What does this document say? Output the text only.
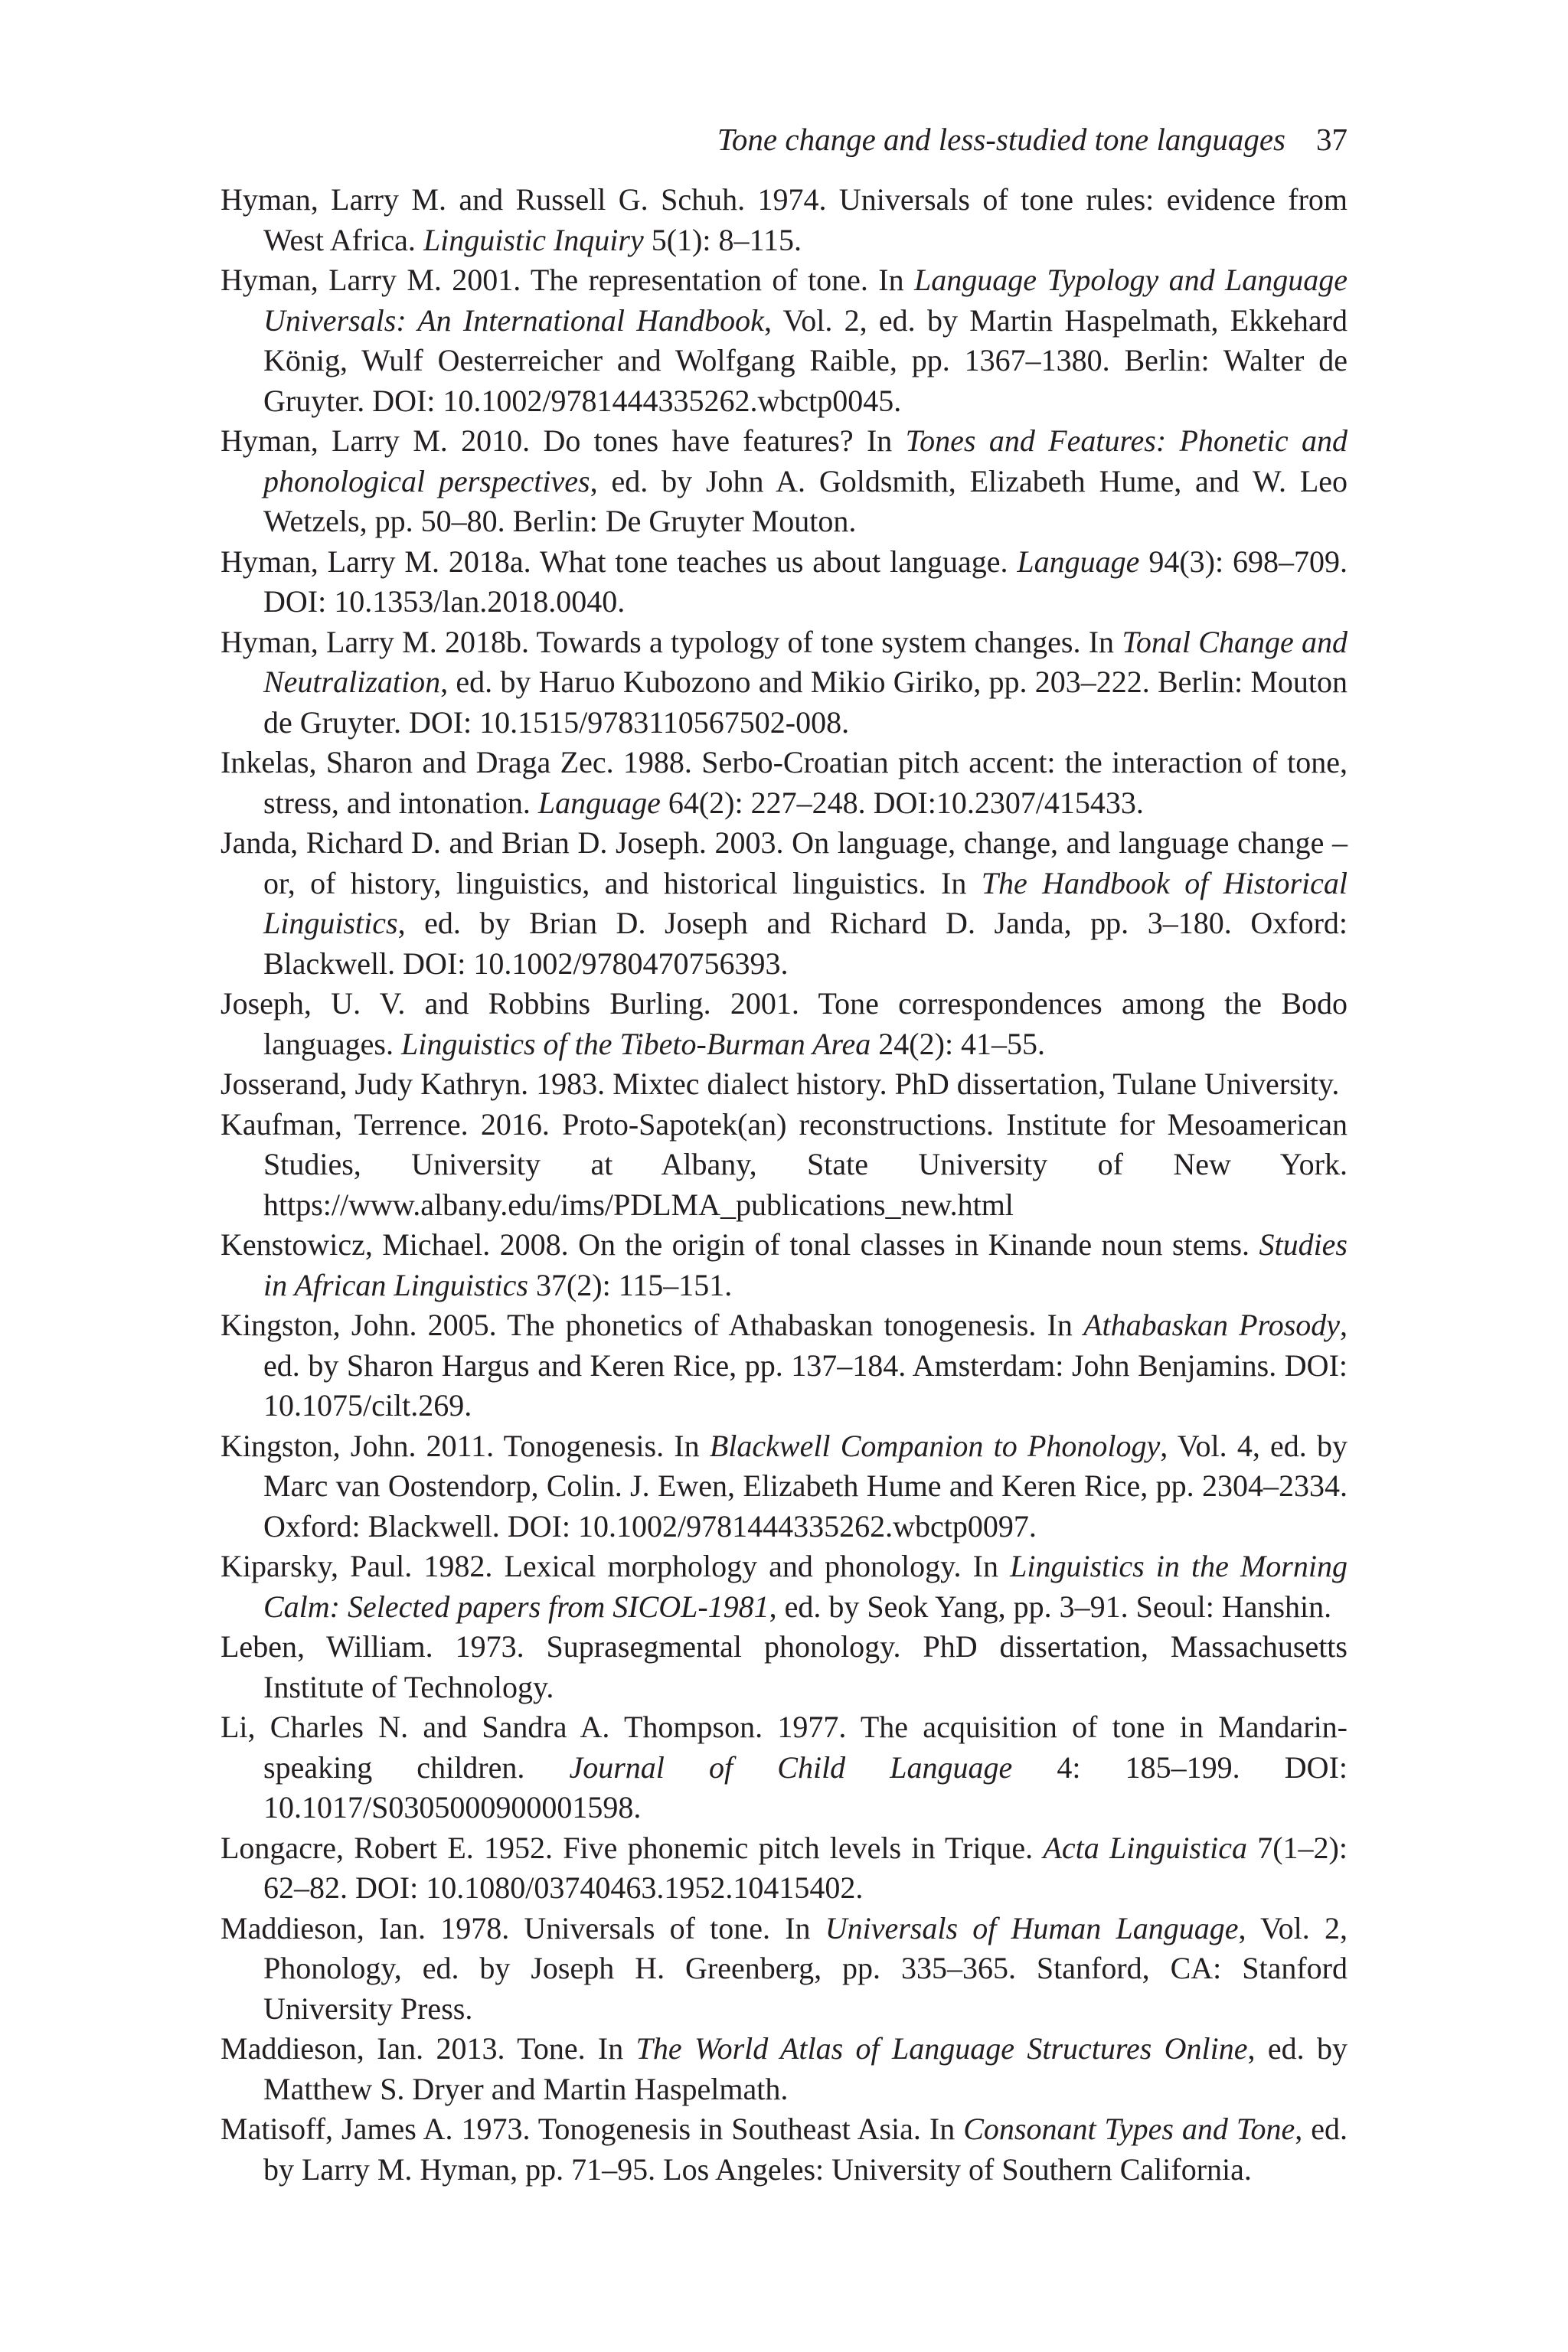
Tone change and less-studied tone languages 37

Hyman, Larry M. and Russell G. Schuh. 1974. Universals of tone rules: evidence from West Africa. Linguistic Inquiry 5(1): 8–115.

Hyman, Larry M. 2001. The representation of tone. In Language Typology and Language Universals: An International Handbook, Vol. 2, ed. by Martin Haspelmath, Ekkehard König, Wulf Oesterreicher and Wolfgang Raible, pp. 1367–1380. Berlin: Walter de Gruyter. DOI: 10.1002/9781444335262.wbctp0045.

Hyman, Larry M. 2010. Do tones have features? In Tones and Features: Phonetic and phonological perspectives, ed. by John A. Goldsmith, Elizabeth Hume, and W. Leo Wetzels, pp. 50–80. Berlin: De Gruyter Mouton.

Hyman, Larry M. 2018a. What tone teaches us about language. Language 94(3): 698–709. DOI: 10.1353/lan.2018.0040.

Hyman, Larry M. 2018b. Towards a typology of tone system changes. In Tonal Change and Neutralization, ed. by Haruo Kubozono and Mikio Giriko, pp. 203–222. Berlin: Mouton de Gruyter. DOI: 10.1515/9783110567502-008.

Inkelas, Sharon and Draga Zec. 1988. Serbo-Croatian pitch accent: the interaction of tone, stress, and intonation. Language 64(2): 227–248. DOI:10.2307/415433.

Janda, Richard D. and Brian D. Joseph. 2003. On language, change, and language change – or, of history, linguistics, and historical linguistics. In The Handbook of Historical Linguistics, ed. by Brian D. Joseph and Richard D. Janda, pp. 3–180. Oxford: Blackwell. DOI: 10.1002/9780470756393.

Joseph, U. V. and Robbins Burling. 2001. Tone correspondences among the Bodo languages. Linguistics of the Tibeto-Burman Area 24(2): 41–55.

Josserand, Judy Kathryn. 1983. Mixtec dialect history. PhD dissertation, Tulane University.

Kaufman, Terrence. 2016. Proto-Sapotek(an) reconstructions. Institute for Mesoamerican Studies, University at Albany, State University of New York. https://www.albany.edu/ims/PDLMA_publications_new.html

Kenstowicz, Michael. 2008. On the origin of tonal classes in Kinande noun stems. Studies in African Linguistics 37(2): 115–151.

Kingston, John. 2005. The phonetics of Athabaskan tonogenesis. In Athabaskan Prosody, ed. by Sharon Hargus and Keren Rice, pp. 137–184. Amsterdam: John Benjamins. DOI: 10.1075/cilt.269.

Kingston, John. 2011. Tonogenesis. In Blackwell Companion to Phonology, Vol. 4, ed. by Marc van Oostendorp, Colin. J. Ewen, Elizabeth Hume and Keren Rice, pp. 2304–2334. Oxford: Blackwell. DOI: 10.1002/9781444335262.wbctp0097.

Kiparsky, Paul. 1982. Lexical morphology and phonology. In Linguistics in the Morning Calm: Selected papers from SICOL-1981, ed. by Seok Yang, pp. 3–91. Seoul: Hanshin.

Leben, William. 1973. Suprasegmental phonology. PhD dissertation, Massachusetts Institute of Technology.

Li, Charles N. and Sandra A. Thompson. 1977. The acquisition of tone in Mandarin-speaking children. Journal of Child Language 4: 185–199. DOI: 10.1017/S0305000900001598.

Longacre, Robert E. 1952. Five phonemic pitch levels in Trique. Acta Linguistica 7(1–2): 62–82. DOI: 10.1080/03740463.1952.10415402.

Maddieson, Ian. 1978. Universals of tone. In Universals of Human Language, Vol. 2, Phonology, ed. by Joseph H. Greenberg, pp. 335–365. Stanford, CA: Stanford University Press.

Maddieson, Ian. 2013. Tone. In The World Atlas of Language Structures Online, ed. by Matthew S. Dryer and Martin Haspelmath.

Matisoff, James A. 1973. Tonogenesis in Southeast Asia. In Consonant Types and Tone, ed. by Larry M. Hyman, pp. 71–95. Los Angeles: University of Southern California.
